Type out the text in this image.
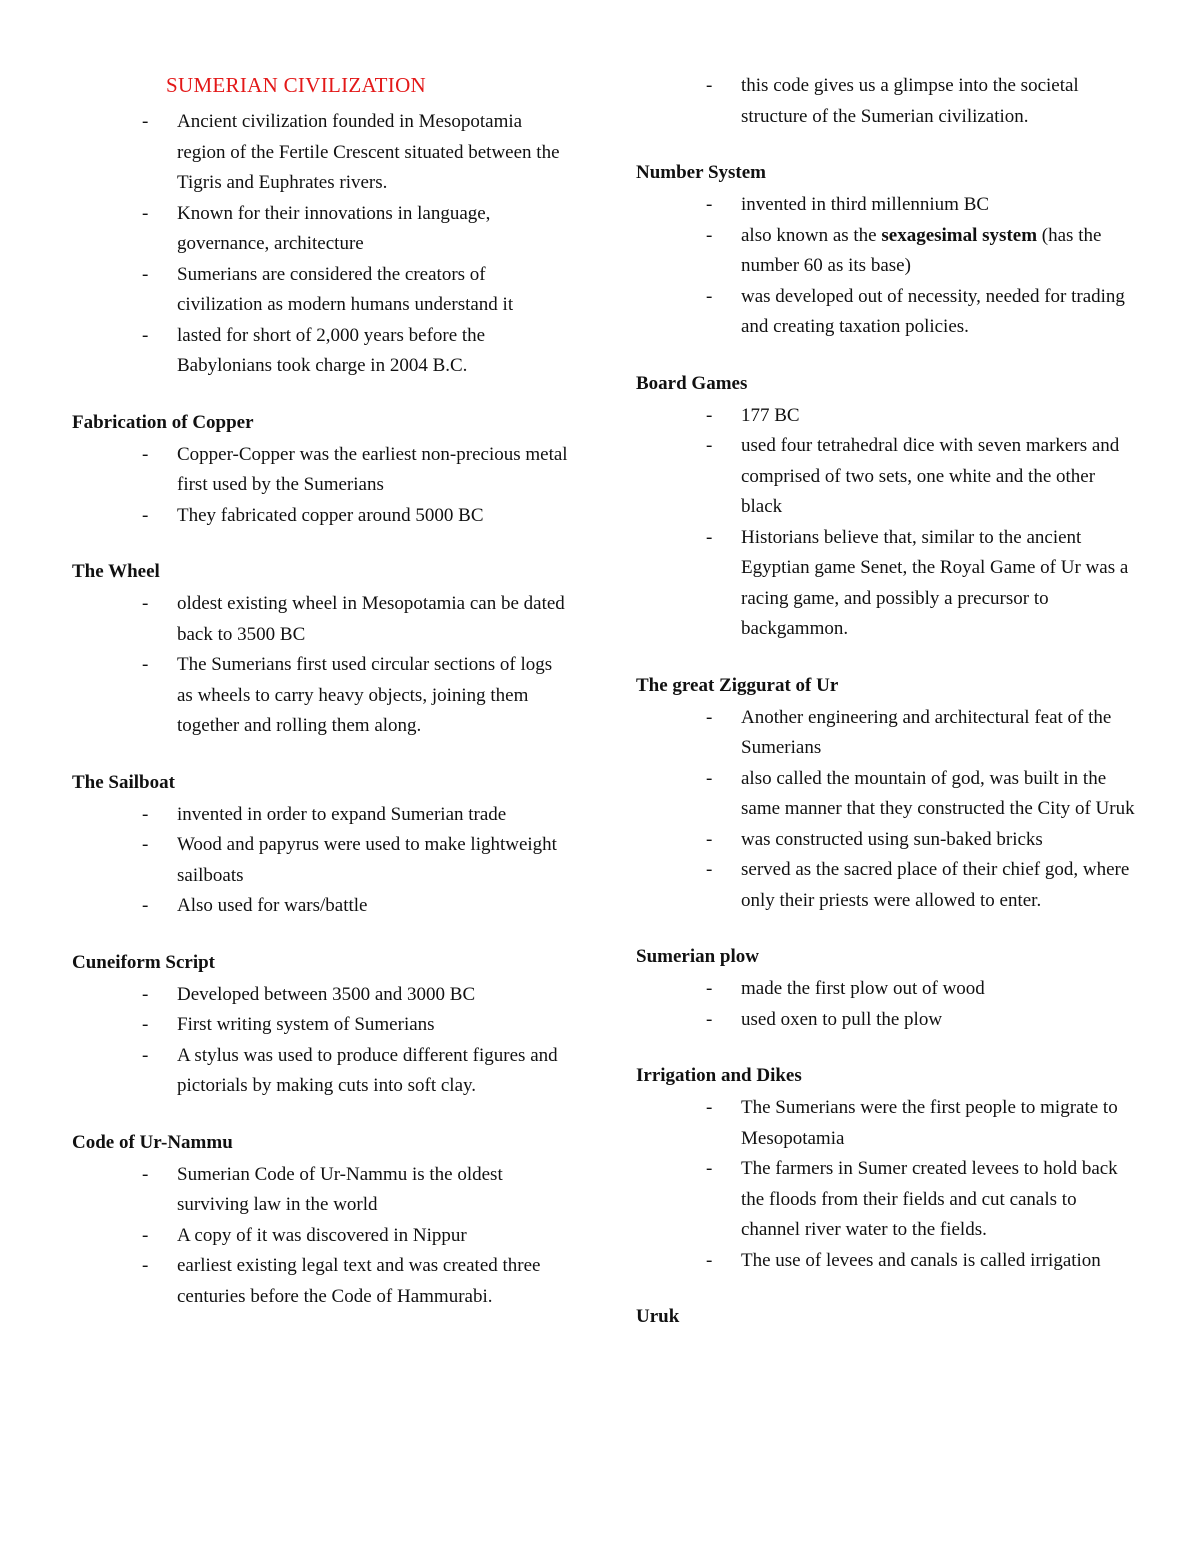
SUMERIAN CIVILIZATION
- Ancient civilization founded in Mesopotamia region of the Fertile Crescent situated between the Tigris and Euphrates rivers.
- Known for their innovations in language, governance, architecture
- Sumerians are considered the creators of civilization as modern humans understand it
- lasted for short of 2,000 years before the Babylonians took charge in 2004 B.C.
Fabrication of Copper
- Copper-Copper was the earliest non-precious metal first used by the Sumerians
- They fabricated copper around 5000 BC
The Wheel
- oldest existing wheel in Mesopotamia can be dated back to 3500 BC
- The Sumerians first used circular sections of logs as wheels to carry heavy objects, joining them together and rolling them along.
The Sailboat
- invented in order to expand Sumerian trade
- Wood and papyrus were used to make lightweight sailboats
- Also used for wars/battle
Cuneiform Script
- Developed between 3500 and 3000 BC
- First writing system of Sumerians
- A stylus was used to produce different figures and pictorials by making cuts into soft clay.
Code of Ur-Nammu
- Sumerian Code of Ur-Nammu is the oldest surviving law in the world
- A copy of it was discovered in Nippur
- earliest existing legal text and was created three centuries before the Code of Hammurabi.
- this code gives us a glimpse into the societal structure of the Sumerian civilization.
Number System
- invented in third millennium BC
- also known as the sexagesimal system (has the number 60 as its base)
- was developed out of necessity, needed for trading and creating taxation policies.
Board Games
- 177 BC
- used four tetrahedral dice with seven markers and comprised of two sets, one white and the other black
- Historians believe that, similar to the ancient Egyptian game Senet, the Royal Game of Ur was a racing game, and possibly a precursor to backgammon.
The great Ziggurat of Ur
- Another engineering and architectural feat of the Sumerians
- also called the mountain of god, was built in the same manner that they constructed the City of Uruk
- was constructed using sun-baked bricks
- served as the sacred place of their chief god, where only their priests were allowed to enter.
Sumerian plow
- made the first plow out of wood
- used oxen to pull the plow
Irrigation and Dikes
- The Sumerians were the first people to migrate to Mesopotamia
- The farmers in Sumer created levees to hold back the floods from their fields and cut canals to channel river water to the fields.
- The use of levees and canals is called irrigation
Uruk
